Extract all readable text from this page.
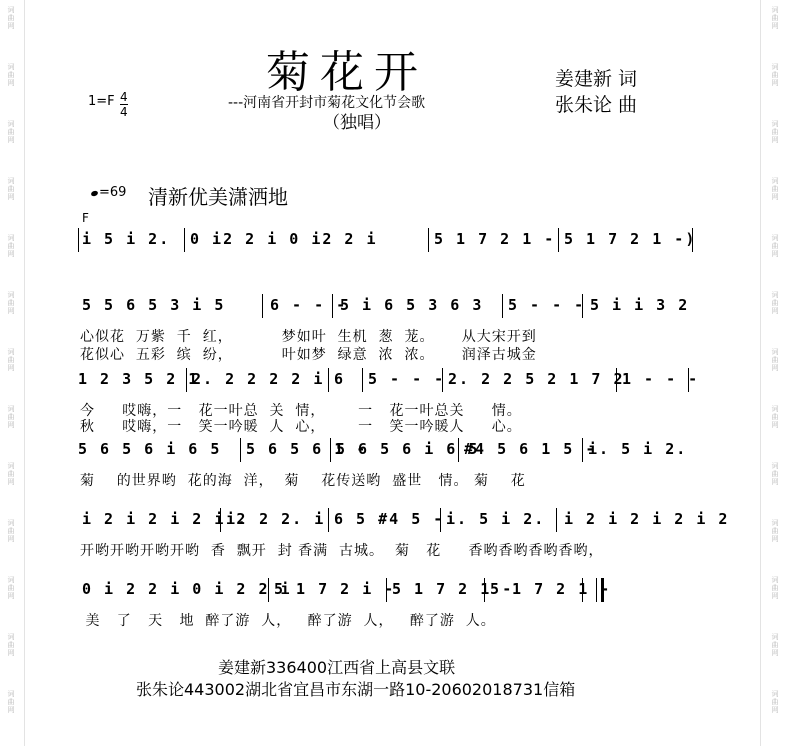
词曲网
词曲网
词曲网
词曲网
词曲网
词曲网
词曲网
词曲网
词曲网
词曲网
词曲网
词曲网
词曲网
词曲网
词曲网
词曲网
词曲网
词曲网
词曲网
词曲网
词曲网
词曲网
词曲网
词曲网
词曲网
词曲网
菊花开
---河南省开封市菊花文化节会歌
（独唱）
姜建新 词
张朱论 曲
$1=F \frac{4}{4}$
=69 清新优美潇洒地
F
i 5 i 2. 0 i2 2 i 0 i2 2 i	5 1 7 2 1 - 5 1 7 2 1 -)
5 5 6 5 3 i 5	6 - - -
5 i 6 5 3 6 3 5 - - - 5 i i 3 2
1 2 3 5 2 1
2. 2 2 2 2 i 6 5 - - - 2. 2 2 5 2 1 7 2
1 - - -
5 6 5 6 i 6 5 5 6 5 6 1 -
5 6 5 6 i 6 5
#4 5 6 1 5 -
i. 5 i 2.
i 2 i 2 i 2 i 2
i. 2 2. i 6 5 #4 5 - i. 5 i 2. i 2 i 2 i 2 i 2
0 i 2 2 i 0 i 2 2 i
5 1 7 2 i -
5 1 7 2 1 -
5 1 7 2 1 -
心似花  万紫  千  红，         梦如叶  生机  葱  茏。     从大宋开到
花似心  五彩  缤  纷，         叶如梦  绿意  浓  浓。     润泽古城金
今     哎嗨，一   花一叶总  关  情，      一   花一叶总关     情。
秋     哎嗨，一   笑一吟暖  人  心，      一   笑一吟暖人     心。
菊    的世界哟  花的海  洋，  菊    花传送哟  盛世   情。 菊    花
开哟开哟开哟开哟  香  飘开  封 香满  古城。  菊   花     香哟香哟香哟香哟，
美   了   天   地  醉了游  人，   醉了游  人，   醉了游  人。
姜建新336400江西省上高县文联
张朱论443002湖北省宜昌市东湖一路10-20602018731信箱
